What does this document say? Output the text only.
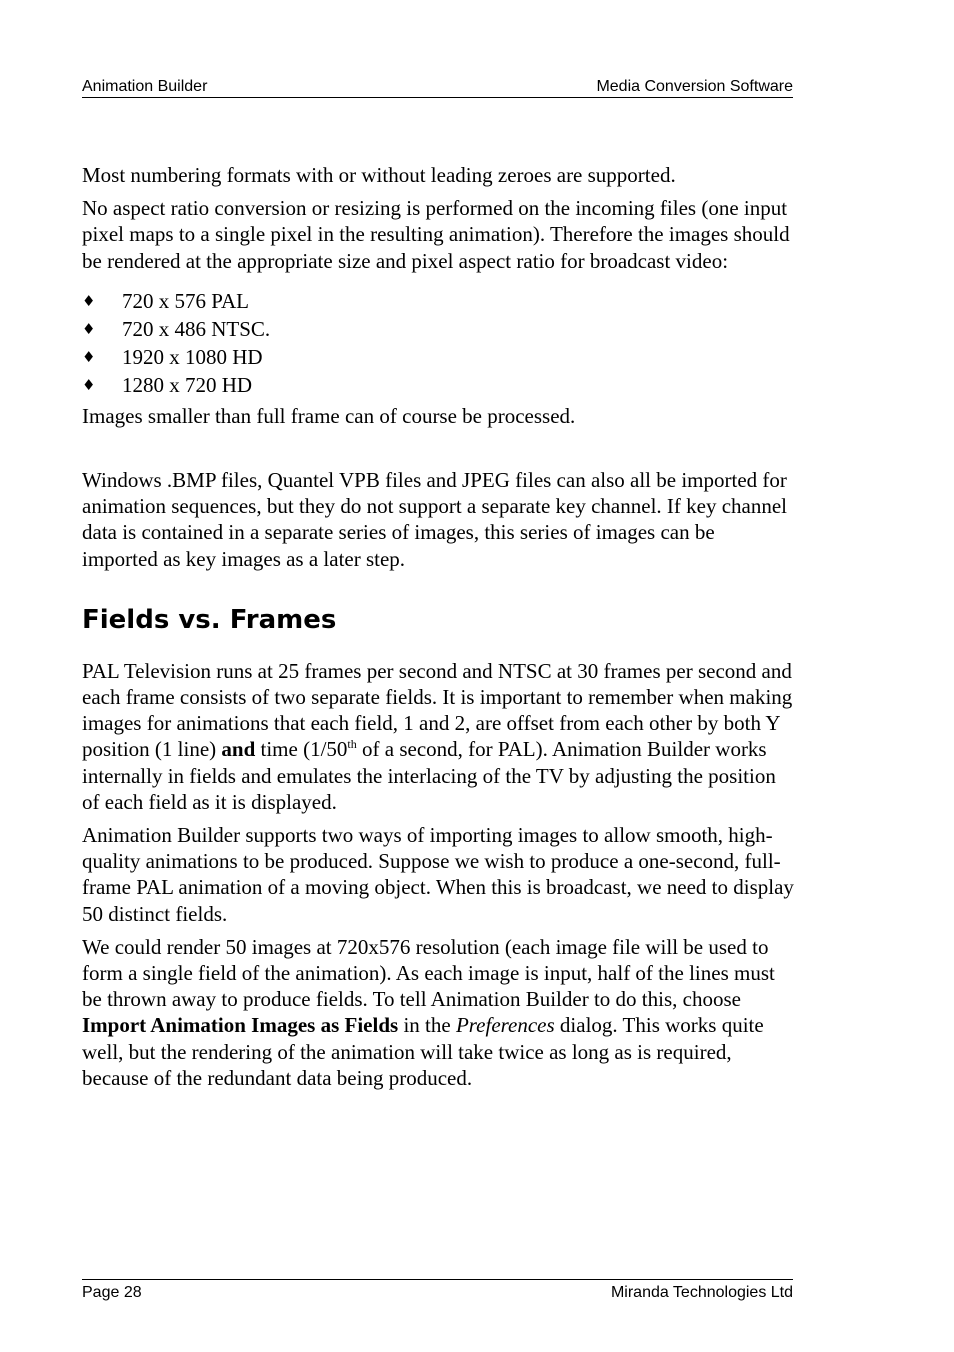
Animation Builder	Media Conversion Software

Most numbering formats with or without leading zeroes are supported.

No aspect ratio conversion or resizing is performed on the incoming files (one input pixel maps to a single pixel in the resulting animation). Therefore the images should be rendered at the appropriate size and pixel aspect ratio for broadcast video:

♦ 720 x 576 PAL
♦ 720 x 486 NTSC.
♦ 1920 x 1080 HD
♦ 1280 x 720 HD

Images smaller than full frame can of course be processed.

Windows .BMP files, Quantel VPB files and JPEG files can also all be imported for animation sequences, but they do not support a separate key channel. If key channel data is contained in a separate series of images, this series of images can be imported as key images as a later step.

Fields vs. Frames

PAL Television runs at 25 frames per second and NTSC at 30 frames per second and each frame consists of two separate fields. It is important to remember when making images for animations that each field, 1 and 2, are offset from each other by both Y position (1 line) and time (1/50th of a second, for PAL). Animation Builder works internally in fields and emulates the interlacing of the TV by adjusting the position of each field as it is displayed.

Animation Builder supports two ways of importing images to allow smooth, high-quality animations to be produced. Suppose we wish to produce a one-second, full-frame PAL animation of a moving object. When this is broadcast, we need to display 50 distinct fields.

We could render 50 images at 720x576 resolution (each image file will be used to form a single field of the animation). As each image is input, half of the lines must be thrown away to produce fields. To tell Animation Builder to do this, choose Import Animation Images as Fields in the Preferences dialog. This works quite well, but the rendering of the animation will take twice as long as is required, because of the redundant data being produced.

Page 28	Miranda Technologies Ltd
